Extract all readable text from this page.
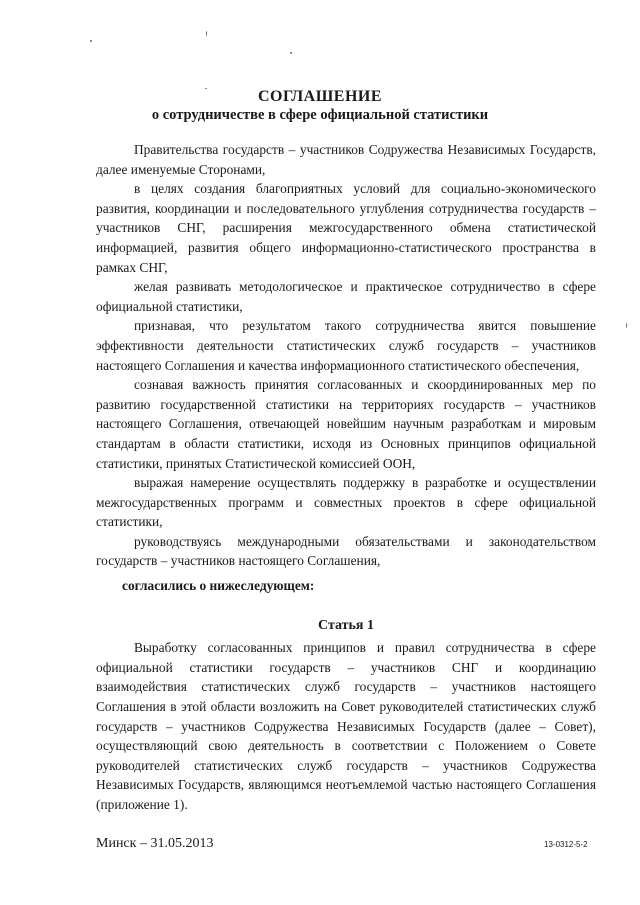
СОГЛАШЕНИЕ
о сотрудничестве в сфере официальной статистики

Правительства государств – участников Содружества Независимых Государств, далее именуемые Сторонами,

в целях создания благоприятных условий для социально-экономического развития, координации и последовательного углубления сотрудничества государств – участников СНГ, расширения межгосударственного обмена статистической информацией, развития общего информационно-статистического пространства в рамках СНГ,

желая развивать методологическое и практическое сотрудничество в сфере официальной статистики,

признавая, что результатом такого сотрудничества явится повышение эффективности деятельности статистических служб государств – участников настоящего Соглашения и качества информационного статистического обеспечения,

сознавая важность принятия согласованных и скоординированных мер по развитию государственной статистики на территориях государств – участников настоящего Соглашения, отвечающей новейшим научным разработкам и мировым стандартам в области статистики, исходя из Основных принципов официальной статистики, принятых Статистической комиссией ООН,

выражая намерение осуществлять поддержку в разработке и осуществлении межгосударственных программ и совместных проектов в сфере официальной статистики,

руководствуясь международными обязательствами и законодательством государств – участников настоящего Соглашения,

согласились о нижеследующем:

Статья 1

Выработку согласованных принципов и правил сотрудничества в сфере официальной статистики государств – участников СНГ и координацию взаимодействия статистических служб государств – участников настоящего Соглашения в этой области возложить на Совет руководителей статистических служб государств – участников Содружества Независимых Государств (далее – Совет), осуществляющий свою деятельность в соответствии с Положением о Совете руководителей статистических служб государств – участников Содружества Независимых Государств, являющимся неотъемлемой частью настоящего Соглашения (приложение 1).

Минск – 31.05.2013	13-0312-5-2
